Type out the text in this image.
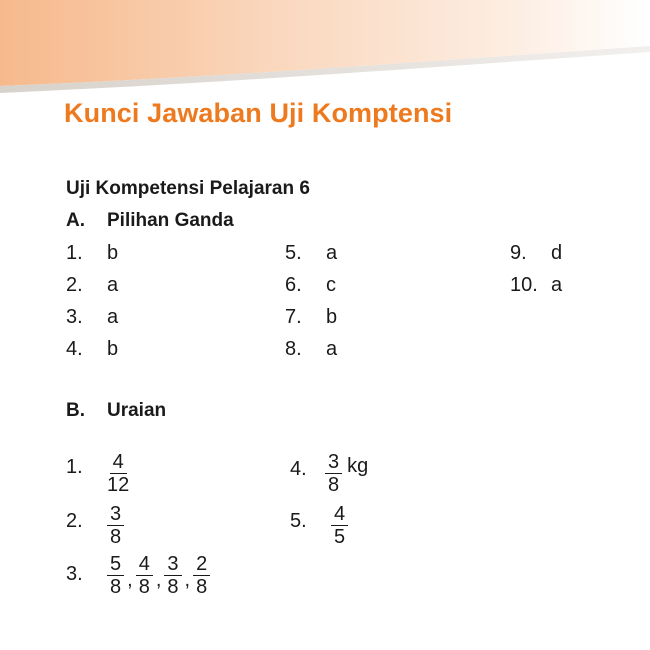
Kunci Jawaban Uji Komptensi
Uji Kompetensi Pelajaran 6
A. Pilihan Ganda
1. b
2. a
3. a
4. b
5. a
6. c
7. b
8. a
9. d
10. a
B. Uraian
1. $\frac{4}{12}$
2. $\frac{3}{8}$
3. $\frac{5}{8}$ , $\frac{4}{8}$ , $\frac{3}{8}$ , $\frac{2}{8}$
4. $\frac{3}{8}$ kg
5. $\frac{4}{5}$
